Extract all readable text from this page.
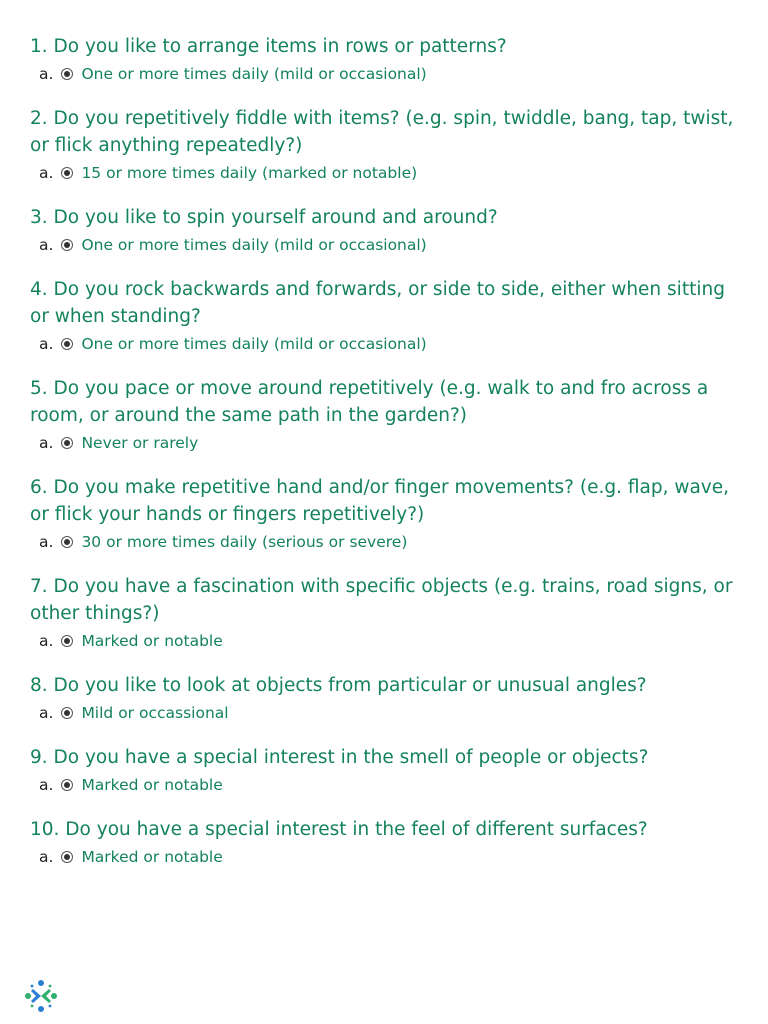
1. Do you like to arrange items in rows or patterns?

a. One or more times daily (mild or occasional)

2. Do you repetitively fiddle with items? (e.g. spin, twiddle, bang, tap, twist, or flick anything repeatedly?)

a. 15 or more times daily (marked or notable)

3. Do you like to spin yourself around and around?

a. One or more times daily (mild or occasional)

4. Do you rock backwards and forwards, or side to side, either when sitting or when standing?

a. One or more times daily (mild or occasional)

5. Do you pace or move around repetitively (e.g. walk to and fro across a room, or around the same path in the garden?)

a. Never or rarely

6. Do you make repetitive hand and/or finger movements? (e.g. flap, wave, or flick your hands or fingers repetitively?)

a. 30 or more times daily (serious or severe)

7. Do you have a fascination with specific objects (e.g. trains, road signs, or other things?)

a. Marked or notable

8. Do you like to look at objects from particular or unusual angles?

a. Mild or occassional

9. Do you have a special interest in the smell of people or objects?

a. Marked or notable

10. Do you have a special interest in the feel of different surfaces?

a. Marked or notable
